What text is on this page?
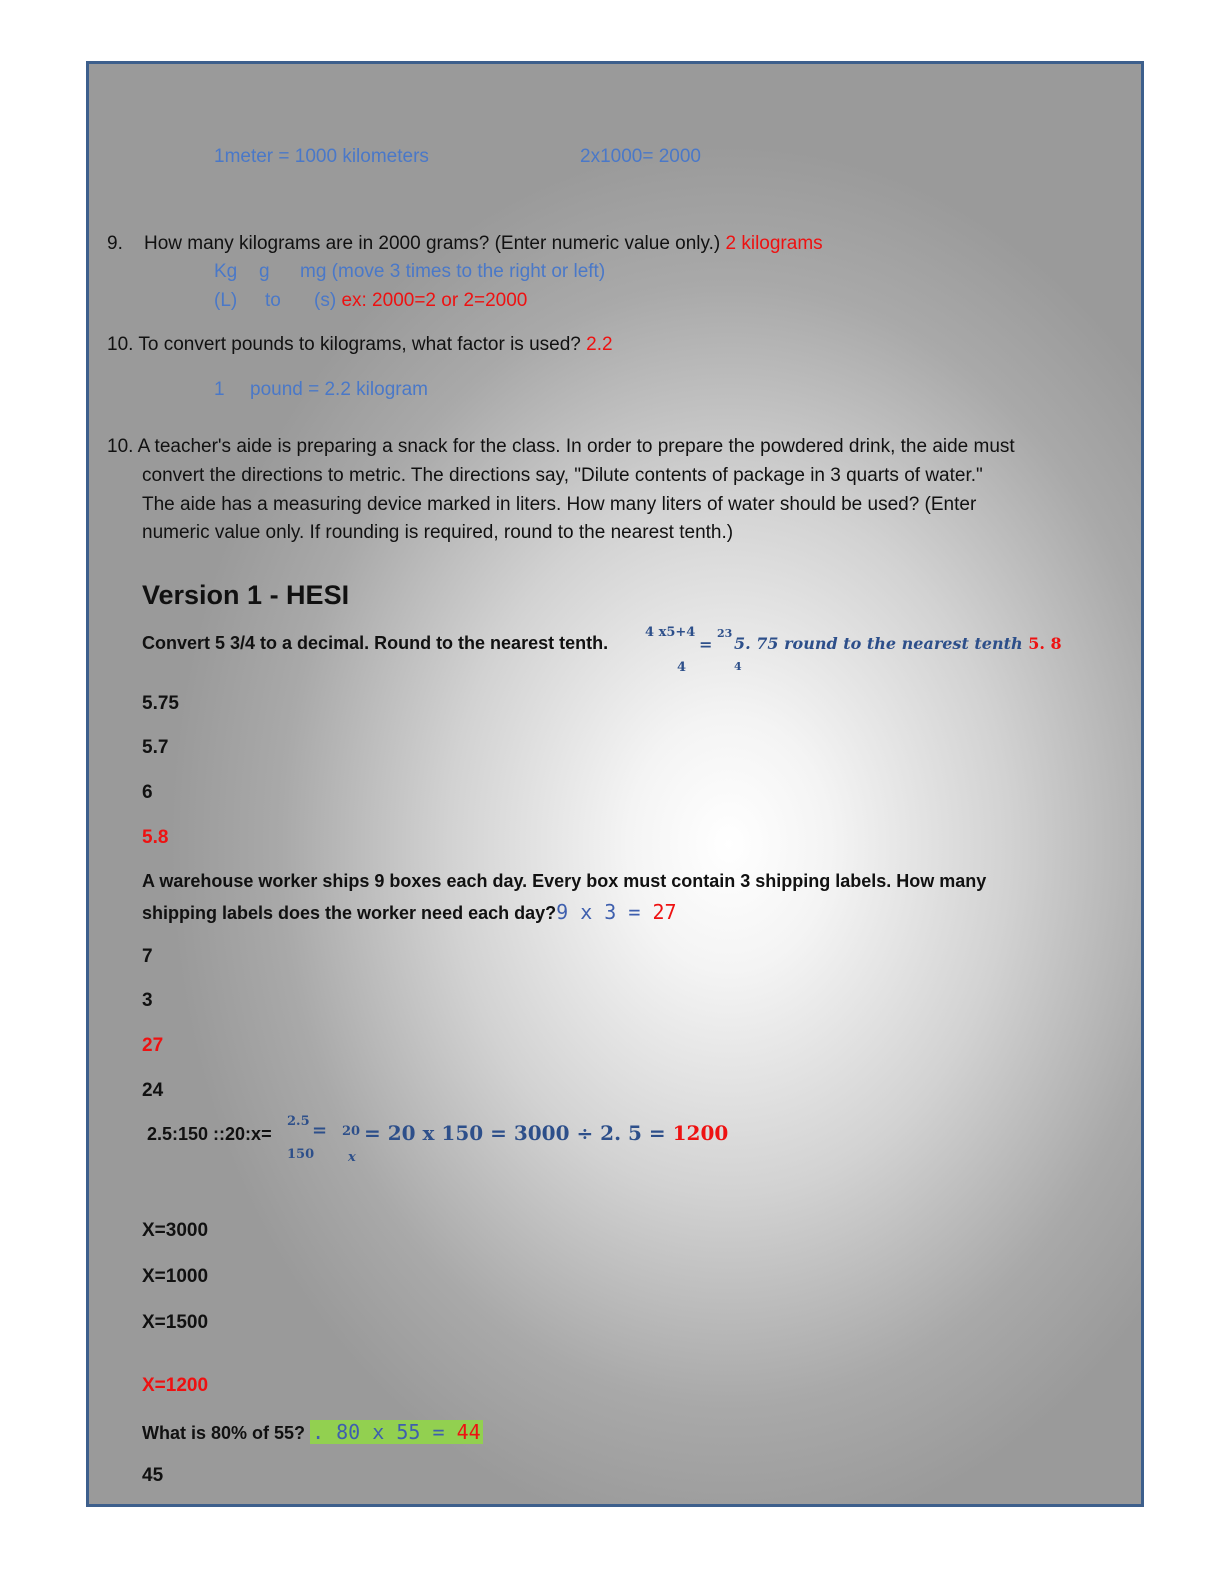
1meter = 1000 kilometers	2x1000= 2000
9. How many kilograms are in 2000 grams? (Enter numeric value only.) 2 kilograms
Kg g mg (move 3 times to the right or left)
(L) to (s) ex: 2000=2 or 2=2000
10. To convert pounds to kilograms, what factor is used? 2.2
1 pound = 2.2 kilogram
10. A teacher's aide is preparing a snack for the class. In order to prepare the powdered drink, the aide must
convert the directions to metric. The directions say, "Dilute contents of package in 3 quarts of water."
The aide has a measuring device marked in liters. How many liters of water should be used? (Enter
numeric value only. If rounding is required, round to the nearest tenth.)
Version 1 - HESI
Convert 5 3/4 to a decimal. Round to the nearest tenth.
4 x5+4
4
=
23
4
5. 75 round to the nearest tenth 5. 8
5.75
5.7
6
5.8
A warehouse worker ships 9 boxes each day. Every box must contain 3 shipping labels. How many
shipping labels does the worker need each day?9 x 3 = 27
7
3
27
24
2.5:150 ::20:x=
2.5
150
= 20
x
= 20 x 150 = 3000 ÷ 2. 5 = 1200
X=3000
X=1000
X=1500
X=1200
What is 80% of 55? . 80 x 55 = 44
45
